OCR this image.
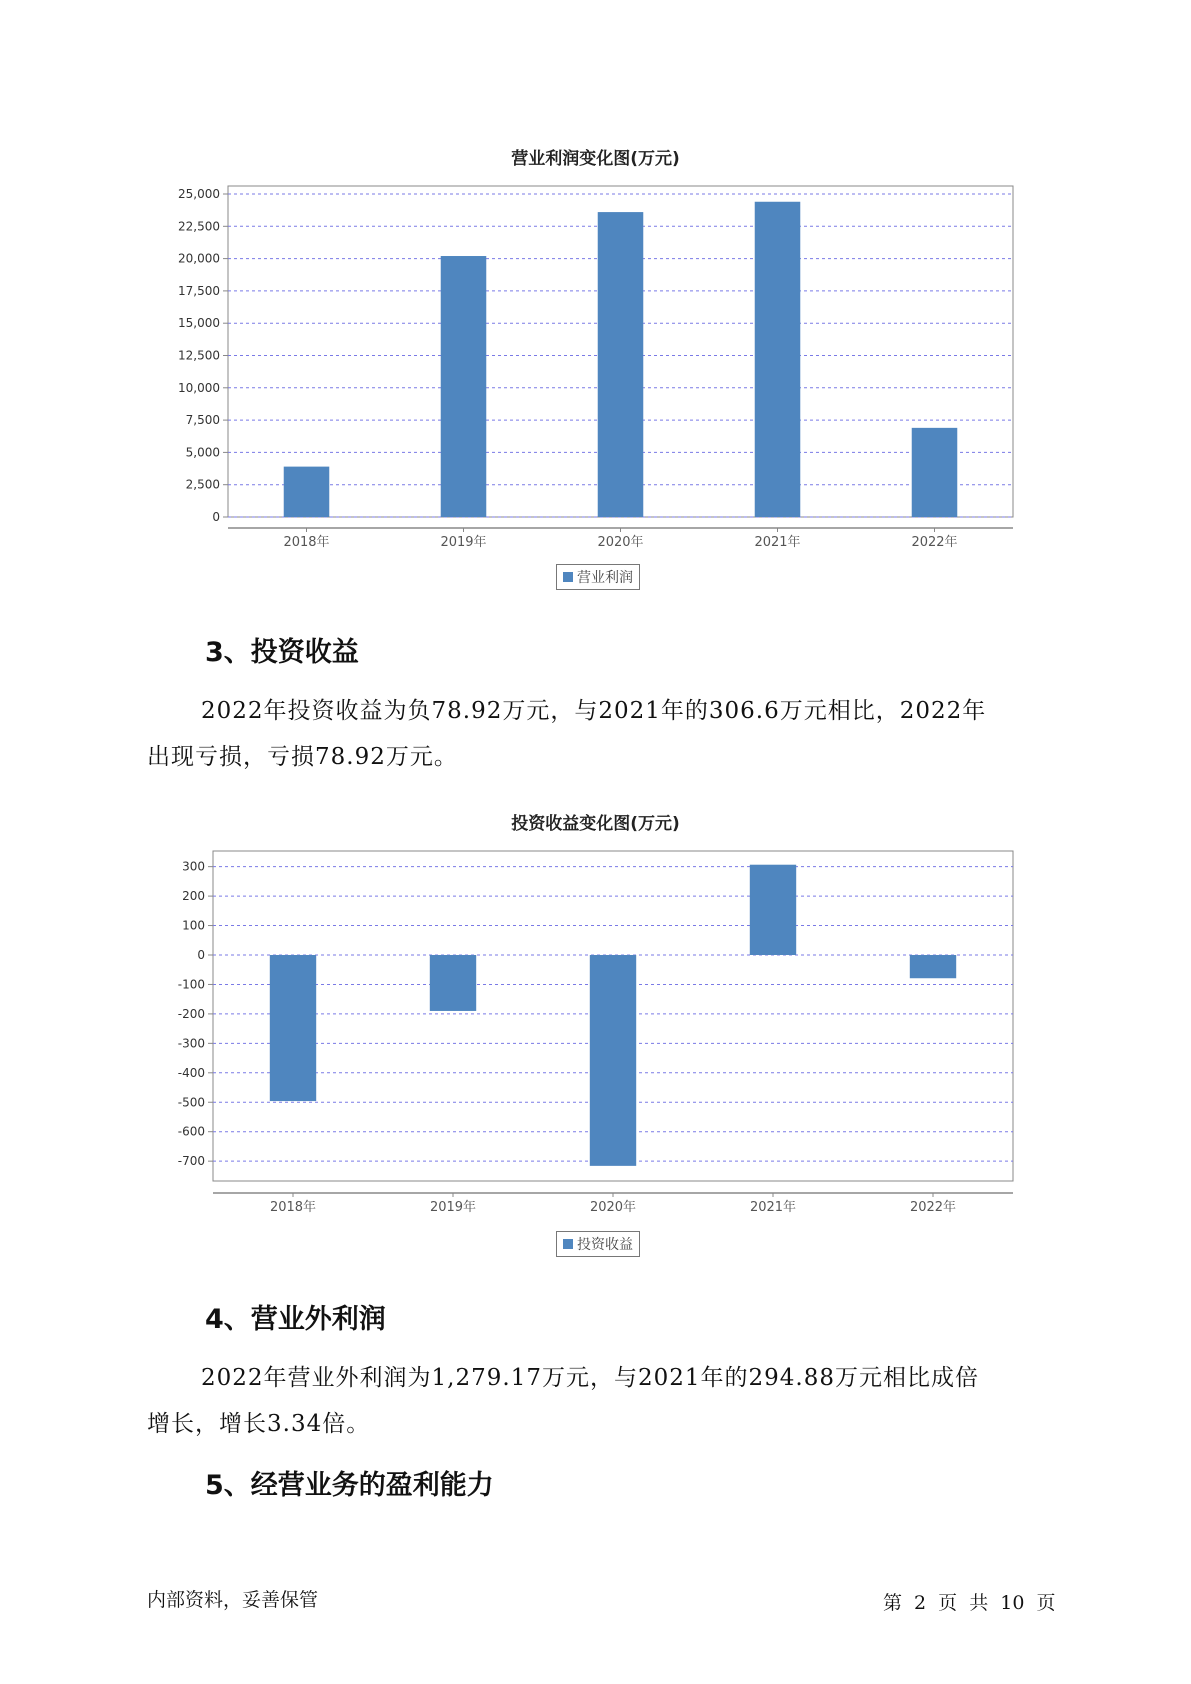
营业利润变化图(万元)
0
2,500
5,000
7,500
10,000
12,500
15,000
17,500
20,000
22,500
25,000
2018年	2019年	2020年	2021年	2022年
营业利润
3、投资收益
2022年投资收益为负78.92万元，与2021年的306.6万元相比，2022年
出现亏损，亏损78.92万元。
投资收益变化图(万元)
300
200
100
0
-100
-200
-300
-400
-500
-600
-700
2018年	2019年	2020年	2021年	2022年
投资收益
4、营业外利润
2022年营业外利润为1,279.17万元，与2021年的294.88万元相比成倍
增长，增长3.34倍。
5、经营业务的盈利能力
内部资料，妥善保管	第 2 页 共 10 页
